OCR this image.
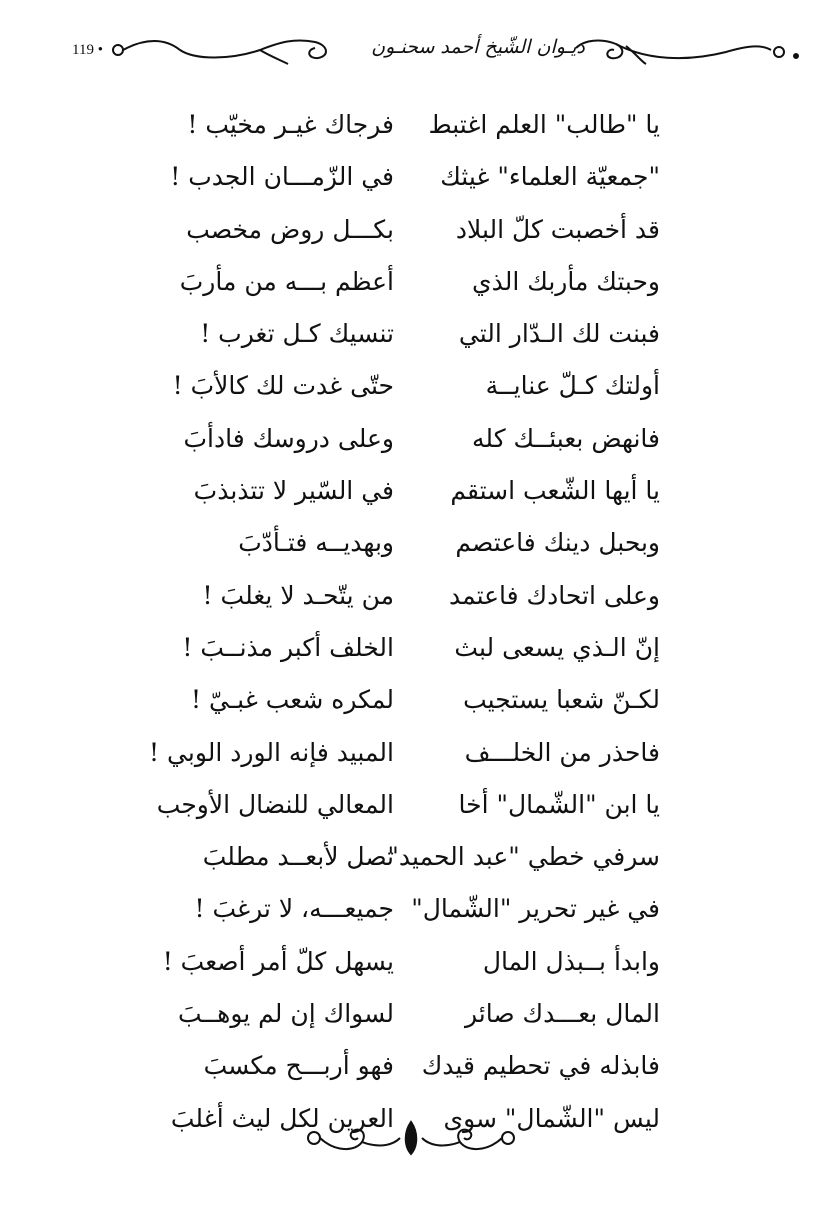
119 •	ديـوان الشّيخ أحمد سحنـون
يا "طالب" العلم اغتبط
فرجاك غيـر مخيّب !
"جمعيّة العلماء" غيثك
في الزّمـــان الجدب !
قد أخصبت كلّ البلاد
بكـــل روض مخصب
وحبتك مأربك الذي
أعظم بـــه من مأربَ
فبنت لك الـدّار التي
تنسيك كـل تغرب !
أولتك كـلّ عنايــة
حتّى غدت لك كالأبَ !
فانهض بعبئــك كله
وعلى دروسك فادأبَ
يا أيها الشّعب استقم
في السّير لا تتذبذبَ
وبحبل دينك فاعتصم
وبهديــه فتـأدّبَ
وعلى اتحادك فاعتمد
من يتّحـد لا يغلبَ !
إنّ الـذي يسعى لبث
الخلف أكبر مذنــبَ !
لكـنّ شعبا يستجيب
لمكره شعب غبـيّ !
فاحذر من الخلـــف
المبيد فإنه الورد الوبي !
يا ابن "الشّمال" أخا
المعالي للنضال الأوجب
سرفي خطي "عبد الحميد"
تصل لأبعــد مطلبَ
في غير تحرير "الشّمال"
جميعـــه، لا ترغبَ !
وابدأ بــبذل المال
يسهل كلّ أمر أصعبَ !
المال بعـــدك صائر
لسواك إن لم يوهــبَ
فابذله في تحطيم قيدك
فهو أربـــح مكسبَ
ليس "الشّمال" سوى
العرين لكل ليث أغلبَ
